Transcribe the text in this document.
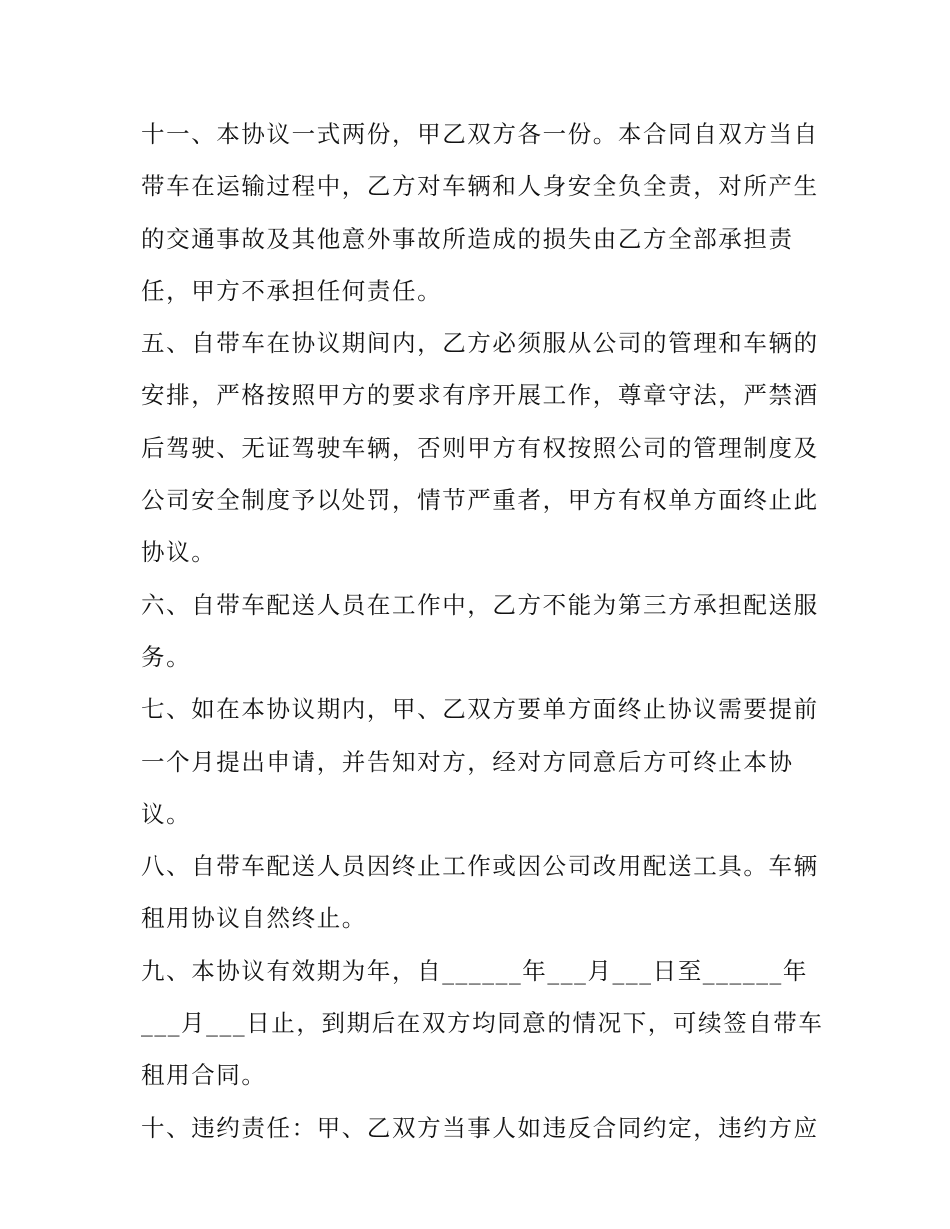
十一、本协议一式两份，甲乙双方各一份。本合同自双方当自
带车在运输过程中，乙方对车辆和人身安全负全责，对所产生
的交通事故及其他意外事故所造成的损失由乙方全部承担责
任，甲方不承担任何责任。
五、自带车在协议期间内，乙方必须服从公司的管理和车辆的
安排，严格按照甲方的要求有序开展工作，尊章守法，严禁酒
后驾驶、无证驾驶车辆，否则甲方有权按照公司的管理制度及
公司安全制度予以处罚，情节严重者，甲方有权单方面终止此
协议。
六、自带车配送人员在工作中，乙方不能为第三方承担配送服
务。
七、如在本协议期内，甲、乙双方要单方面终止协议需要提前
一个月提出申请，并告知对方，经对方同意后方可终止本协
议。
八、自带车配送人员因终止工作或因公司改用配送工具。车辆
租用协议自然终止。
九、本协议有效期为年，自______年___月___日至______年
___月___日止，到期后在双方均同意的情况下，可续签自带车
租用合同。
十、违约责任：甲、乙双方当事人如违反合同约定，违约方应
